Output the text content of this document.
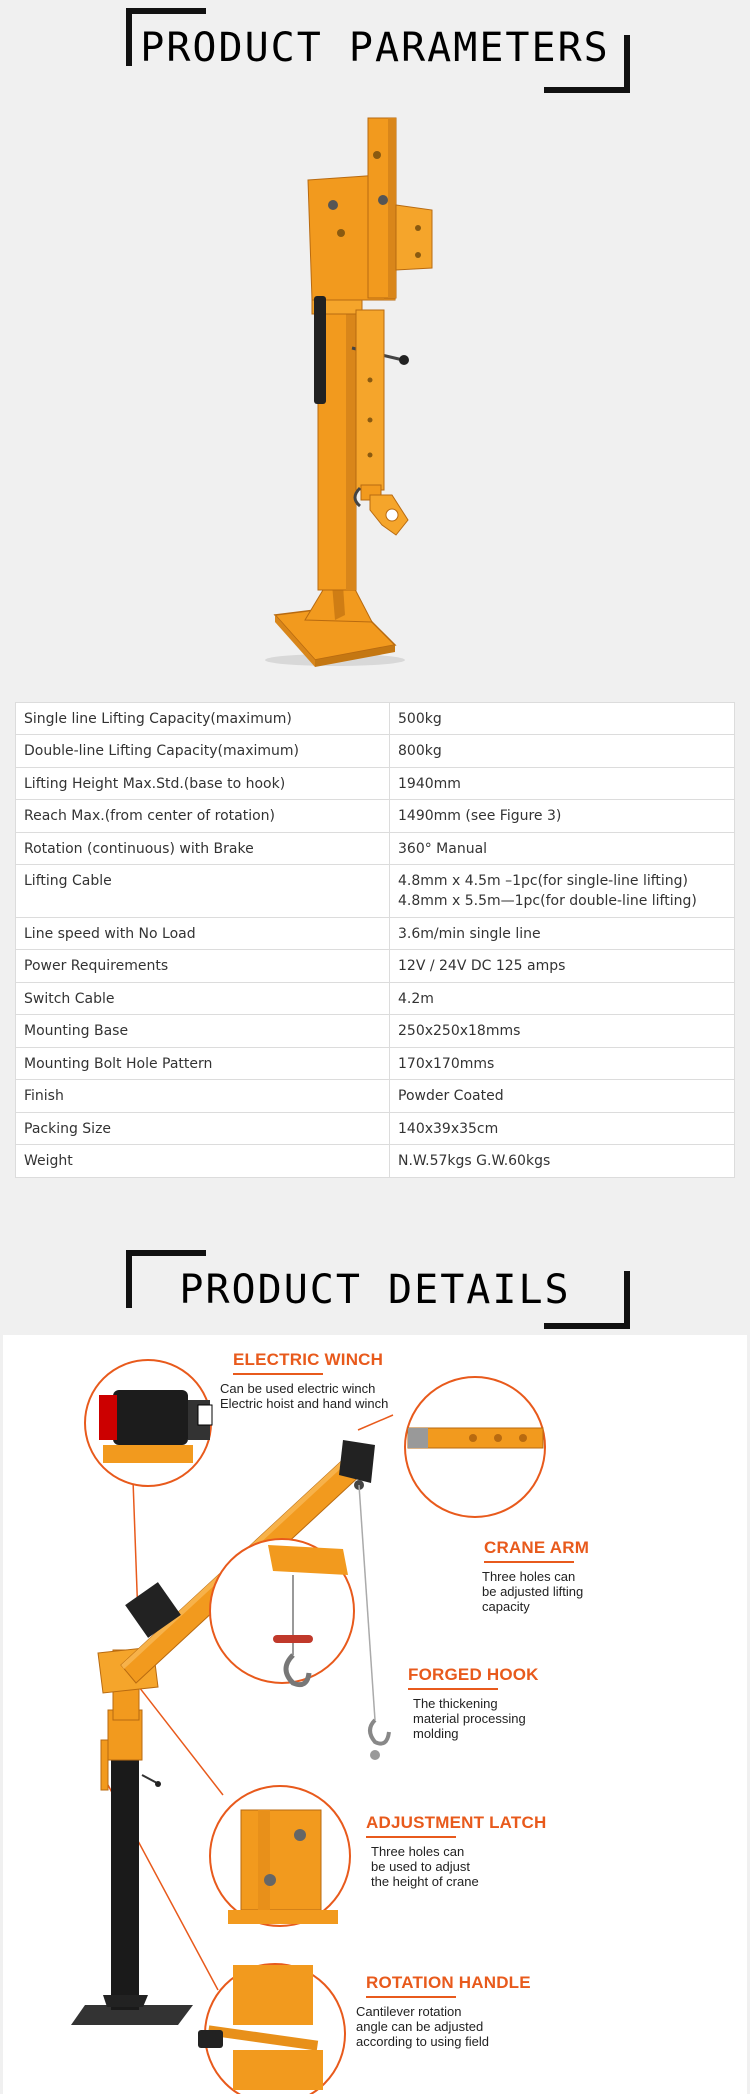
PRODUCT PARAMETERS
Single line Lifting Capacity(maximum)	500kg
Double-line Lifting Capacity(maximum)	800kg
Lifting Height Max.Std.(base to hook)	1940mm
Reach Max.(from center of rotation)	1490mm (see Figure 3)
Rotation (continuous) with Brake	360° Manual
Lifting Cable	4.8mm x 4.5m –1pc(for single-line lifting)
4.8mm x 5.5m—1pc(for double-line lifting)
Line speed with No Load	3.6m/min single line
Power Requirements	12V / 24V DC 125 amps
Switch Cable	4.2m
Mounting Base	250x250x18mms
Mounting Bolt Hole Pattern	170x170mms
Finish	Powder Coated
Packing Size	140x39x35cm
Weight	N.W.57kgs G.W.60kgs
PRODUCT DETAILS
ELECTRIC WINCH
Can be used electric winch
Electric hoist and hand winch
CRANE ARM
Three holes can
be adjusted lifting
capacity
FORGED HOOK
The thickening
material processing
molding
ADJUSTMENT LATCH
Three holes can
be used to adjust
the height of crane
ROTATION HANDLE
Cantilever rotation
angle can be adjusted
according to using field
